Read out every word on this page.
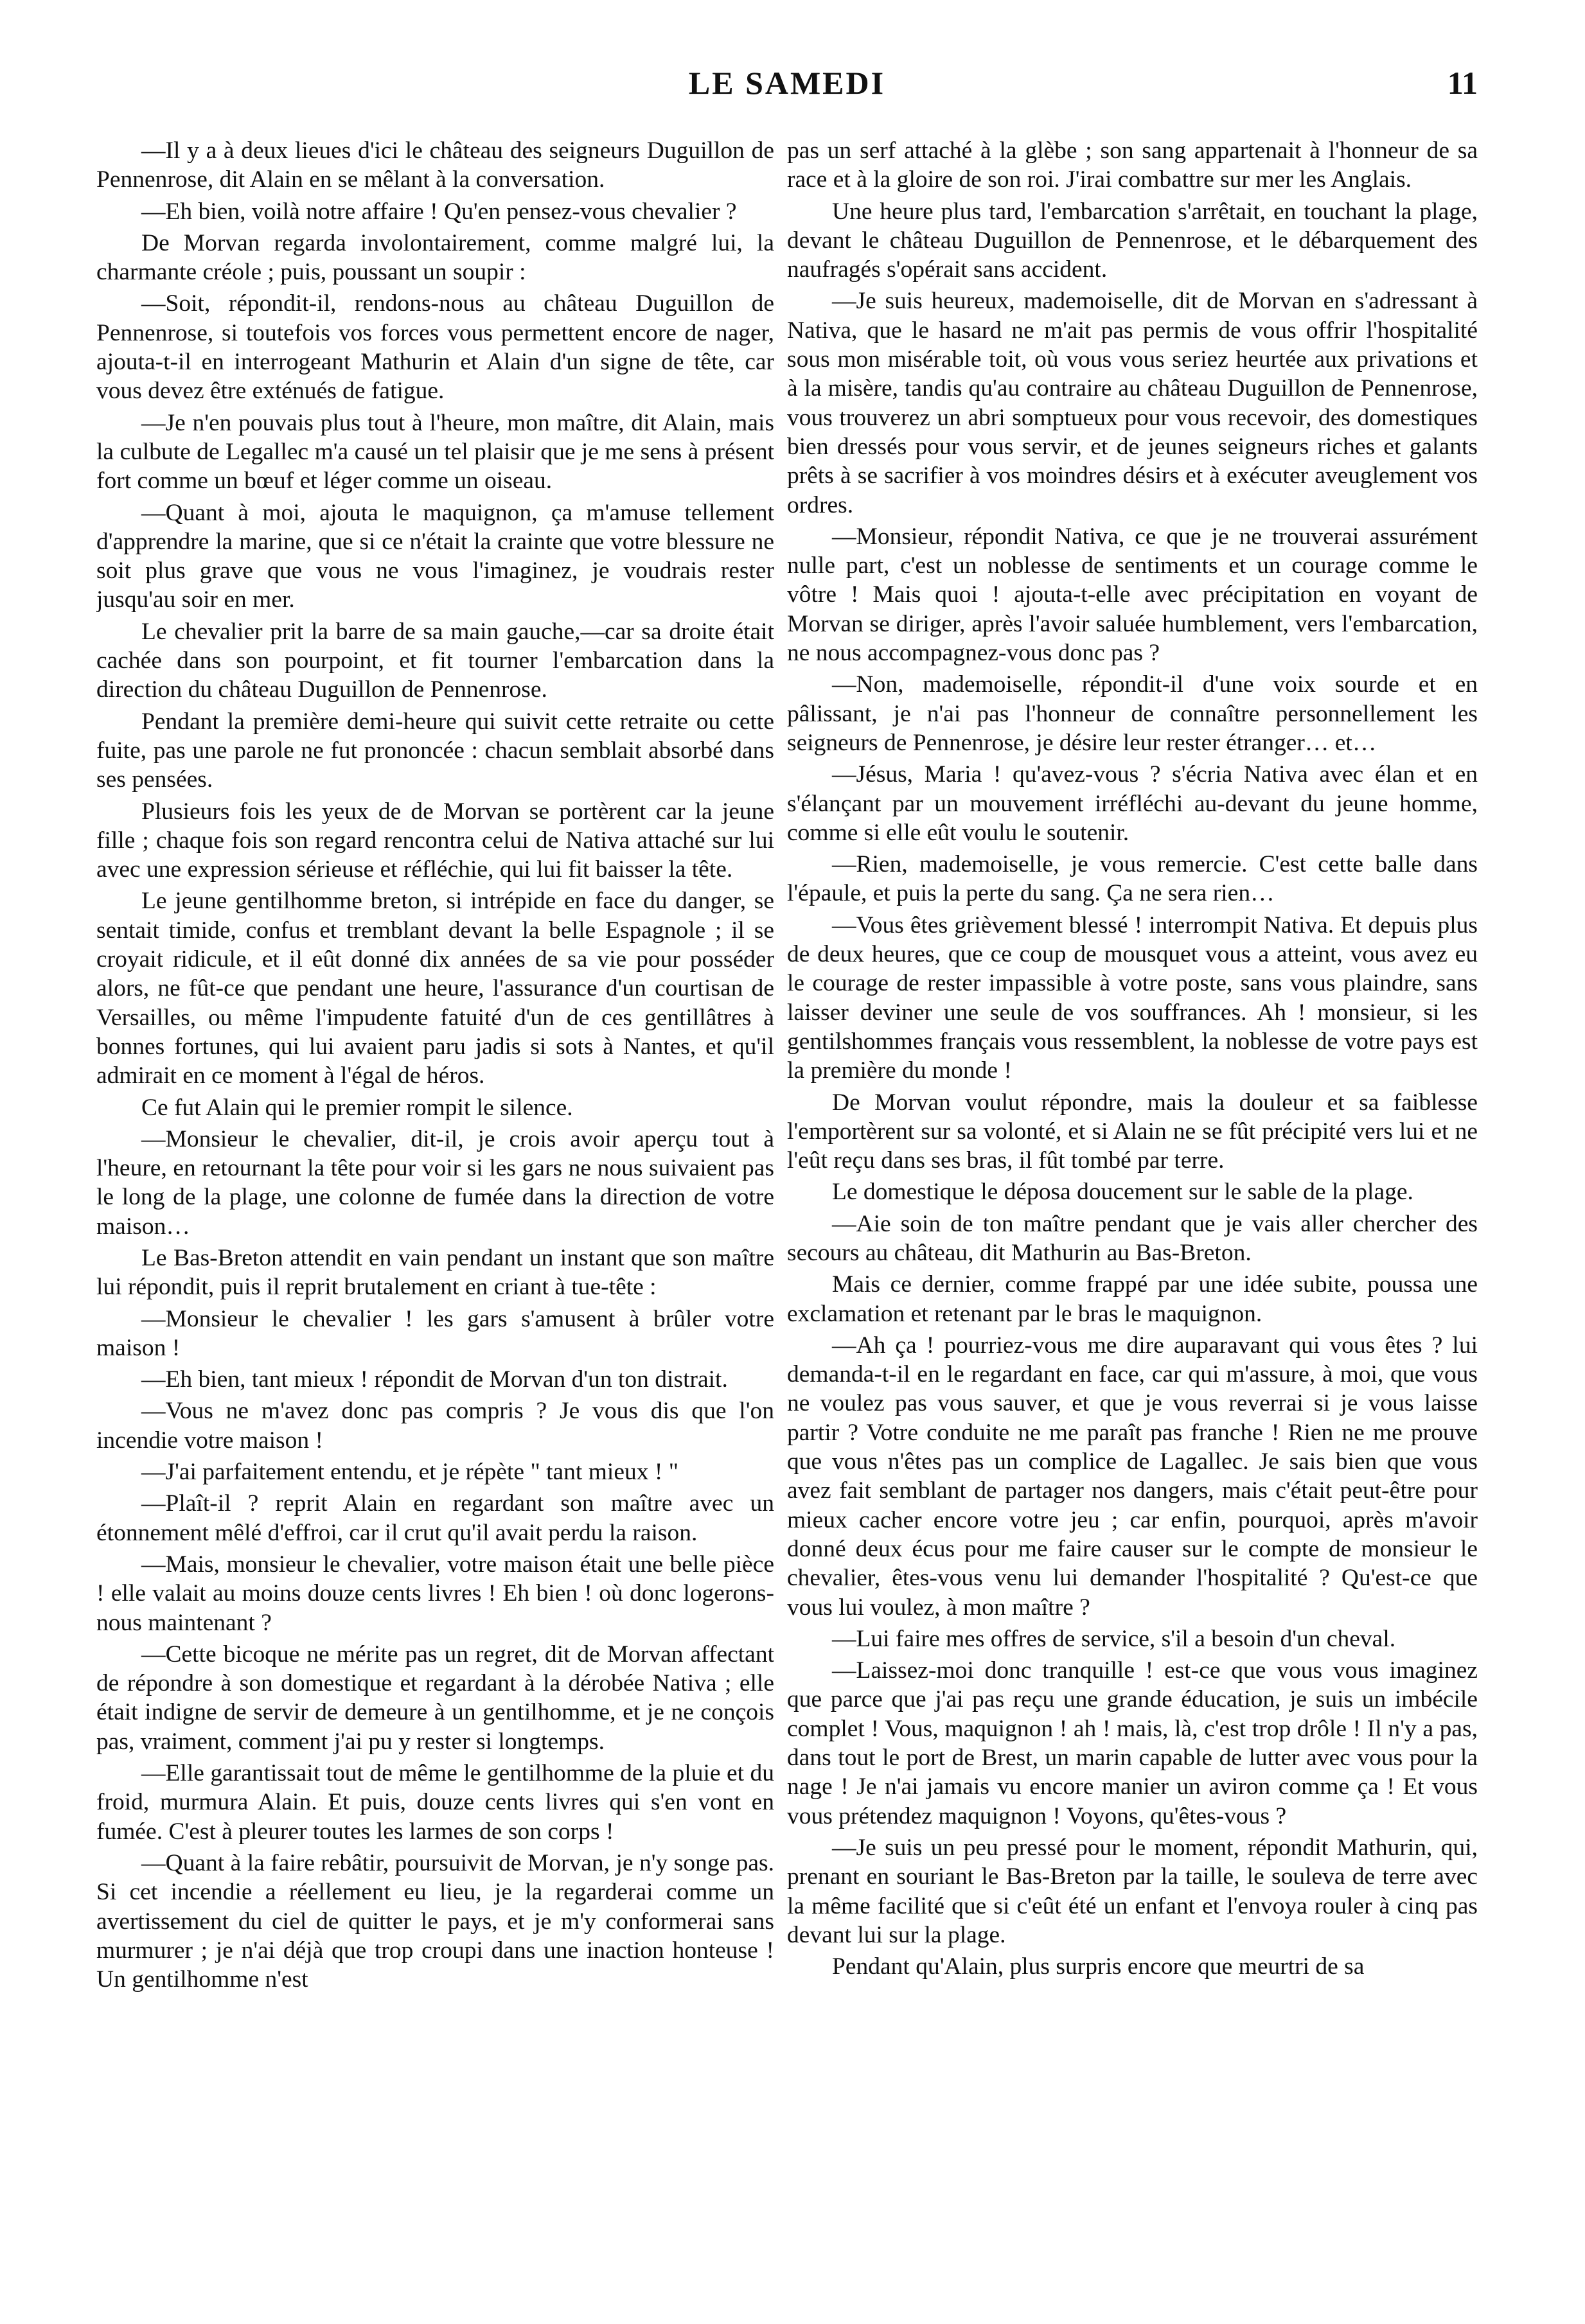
LE SAMEDI	11

—Il y a à deux lieues d'ici le château des seigneurs Duguillon de Pennenrose, dit Alain en se mêlant à la conversation.

—Eh bien, voilà notre affaire ! Qu'en pensez-vous chevalier ?

De Morvan regarda involontairement, comme malgré lui, la charmante créole ; puis, poussant un soupir :

—Soit, répondit-il, rendons-nous au château Duguillon de Pennenrose, si toutefois vos forces vous permettent encore de nager, ajouta-t-il en interrogeant Mathurin et Alain d'un signe de tête, car vous devez être exténués de fatigue.

—Je n'en pouvais plus tout à l'heure, mon maître, dit Alain, mais la culbute de Legallec m'a causé un tel plaisir que je me sens à présent fort comme un bœuf et léger comme un oiseau.

—Quant à moi, ajouta le maquignon, ça m'amuse tellement d'apprendre la marine, que si ce n'était la crainte que votre blessure ne soit plus grave que vous ne vous l'imaginez, je voudrais rester jusqu'au soir en mer.

Le chevalier prit la barre de sa main gauche,—car sa droite était cachée dans son pourpoint, et fit tourner l'embarcation dans la direction du château Duguillon de Pennenrose.

Pendant la première demi-heure qui suivit cette retraite ou cette fuite, pas une parole ne fut prononcée : chacun semblait absorbé dans ses pensées.

Plusieurs fois les yeux de de Morvan se portèrent car la jeune fille ; chaque fois son regard rencontra celui de Nativa attaché sur lui avec une expression sérieuse et réfléchie, qui lui fit baisser la tête.

Le jeune gentilhomme breton, si intrépide en face du danger, se sentait timide, confus et tremblant devant la belle Espagnole ; il se croyait ridicule, et il eût donné dix années de sa vie pour posséder alors, ne fût-ce que pendant une heure, l'assurance d'un courtisan de Versailles, ou même l'impudente fatuité d'un de ces gentillâtres à bonnes fortunes, qui lui avaient paru jadis si sots à Nantes, et qu'il admirait en ce moment à l'égal de héros.

Ce fut Alain qui le premier rompit le silence.

—Monsieur le chevalier, dit-il, je crois avoir aperçu tout à l'heure, en retournant la tête pour voir si les gars ne nous suivaient pas le long de la plage, une colonne de fumée dans la direction de votre maison…

Le Bas-Breton attendit en vain pendant un instant que son maître lui répondit, puis il reprit brutalement en criant à tue-tête :

—Monsieur le chevalier ! les gars s'amusent à brûler votre maison !

—Eh bien, tant mieux ! répondit de Morvan d'un ton distrait.

—Vous ne m'avez donc pas compris ? Je vous dis que l'on incendie votre maison !

—J'ai parfaitement entendu, et je répète " tant mieux ! "

—Plaît-il ? reprit Alain en regardant son maître avec un étonnement mêlé d'effroi, car il crut qu'il avait perdu la raison.

—Mais, monsieur le chevalier, votre maison était une belle pièce ! elle valait au moins douze cents livres ! Eh bien ! où donc logerons-nous maintenant ?

—Cette bicoque ne mérite pas un regret, dit de Morvan affectant de répondre à son domestique et regardant à la dérobée Nativa ; elle était indigne de servir de demeure à un gentilhomme, et je ne conçois pas, vraiment, comment j'ai pu y rester si longtemps.

—Elle garantissait tout de même le gentilhomme de la pluie et du froid, murmura Alain. Et puis, douze cents livres qui s'en vont en fumée. C'est à pleurer toutes les larmes de son corps !

—Quant à la faire rebâtir, poursuivit de Morvan, je n'y songe pas. Si cet incendie a réellement eu lieu, je la regarderai comme un avertissement du ciel de quitter le pays, et je m'y conformerai sans murmurer ; je n'ai déjà que trop croupi dans une inaction honteuse ! Un gentilhomme n'est

pas un serf attaché à la glèbe ; son sang appartenait à l'honneur de sa race et à la gloire de son roi. J'irai combattre sur mer les Anglais.

Une heure plus tard, l'embarcation s'arrêtait, en touchant la plage, devant le château Duguillon de Pennenrose, et le débarquement des naufragés s'opérait sans accident.

—Je suis heureux, mademoiselle, dit de Morvan en s'adressant à Nativa, que le hasard ne m'ait pas permis de vous offrir l'hospitalité sous mon misérable toit, où vous vous seriez heurtée aux privations et à la misère, tandis qu'au contraire au château Duguillon de Pennenrose, vous trouverez un abri somptueux pour vous recevoir, des domestiques bien dressés pour vous servir, et de jeunes seigneurs riches et galants prêts à se sacrifier à vos moindres désirs et à exécuter aveuglement vos ordres.

—Monsieur, répondit Nativa, ce que je ne trouverai assurément nulle part, c'est un noblesse de sentiments et un courage comme le vôtre ! Mais quoi ! ajouta-t-elle avec précipitation en voyant de Morvan se diriger, après l'avoir saluée humblement, vers l'embarcation, ne nous accompagnez-vous donc pas ?

—Non, mademoiselle, répondit-il d'une voix sourde et en pâlissant, je n'ai pas l'honneur de connaître personnellement les seigneurs de Pennenrose, je désire leur rester étranger… et…

—Jésus, Maria ! qu'avez-vous ? s'écria Nativa avec élan et en s'élançant par un mouvement irréfléchi au-devant du jeune homme, comme si elle eût voulu le soutenir.

—Rien, mademoiselle, je vous remercie. C'est cette balle dans l'épaule, et puis la perte du sang. Ça ne sera rien…

—Vous êtes grièvement blessé ! interrompit Nativa. Et depuis plus de deux heures, que ce coup de mousquet vous a atteint, vous avez eu le courage de rester impassible à votre poste, sans vous plaindre, sans laisser deviner une seule de vos souffrances. Ah ! monsieur, si les gentilshommes français vous ressemblent, la noblesse de votre pays est la première du monde !

De Morvan voulut répondre, mais la douleur et sa faiblesse l'emportèrent sur sa volonté, et si Alain ne se fût précipité vers lui et ne l'eût reçu dans ses bras, il fût tombé par terre.

Le domestique le déposa doucement sur le sable de la plage.

—Aie soin de ton maître pendant que je vais aller chercher des secours au château, dit Mathurin au Bas-Breton.

Mais ce dernier, comme frappé par une idée subite, poussa une exclamation et retenant par le bras le maquignon.

—Ah ça ! pourriez-vous me dire auparavant qui vous êtes ? lui demanda-t-il en le regardant en face, car qui m'assure, à moi, que vous ne voulez pas vous sauver, et que je vous reverrai si je vous laisse partir ? Votre conduite ne me paraît pas franche ! Rien ne me prouve que vous n'êtes pas un complice de Lagallec. Je sais bien que vous avez fait semblant de partager nos dangers, mais c'était peut-être pour mieux cacher encore votre jeu ; car enfin, pourquoi, après m'avoir donné deux écus pour me faire causer sur le compte de monsieur le chevalier, êtes-vous venu lui demander l'hospitalité ? Qu'est-ce que vous lui voulez, à mon maître ?

—Lui faire mes offres de service, s'il a besoin d'un cheval.

—Laissez-moi donc tranquille ! est-ce que vous vous imaginez que parce que j'ai pas reçu une grande éducation, je suis un imbécile complet ! Vous, maquignon ! ah ! mais, là, c'est trop drôle ! Il n'y a pas, dans tout le port de Brest, un marin capable de lutter avec vous pour la nage ! Je n'ai jamais vu encore manier un aviron comme ça ! Et vous vous prétendez maquignon ! Voyons, qu'êtes-vous ?

—Je suis un peu pressé pour le moment, répondit Mathurin, qui, prenant en souriant le Bas-Breton par la taille, le souleva de terre avec la même facilité que si c'eût été un enfant et l'envoya rouler à cinq pas devant lui sur la plage.

Pendant qu'Alain, plus surpris encore que meurtri de sa
